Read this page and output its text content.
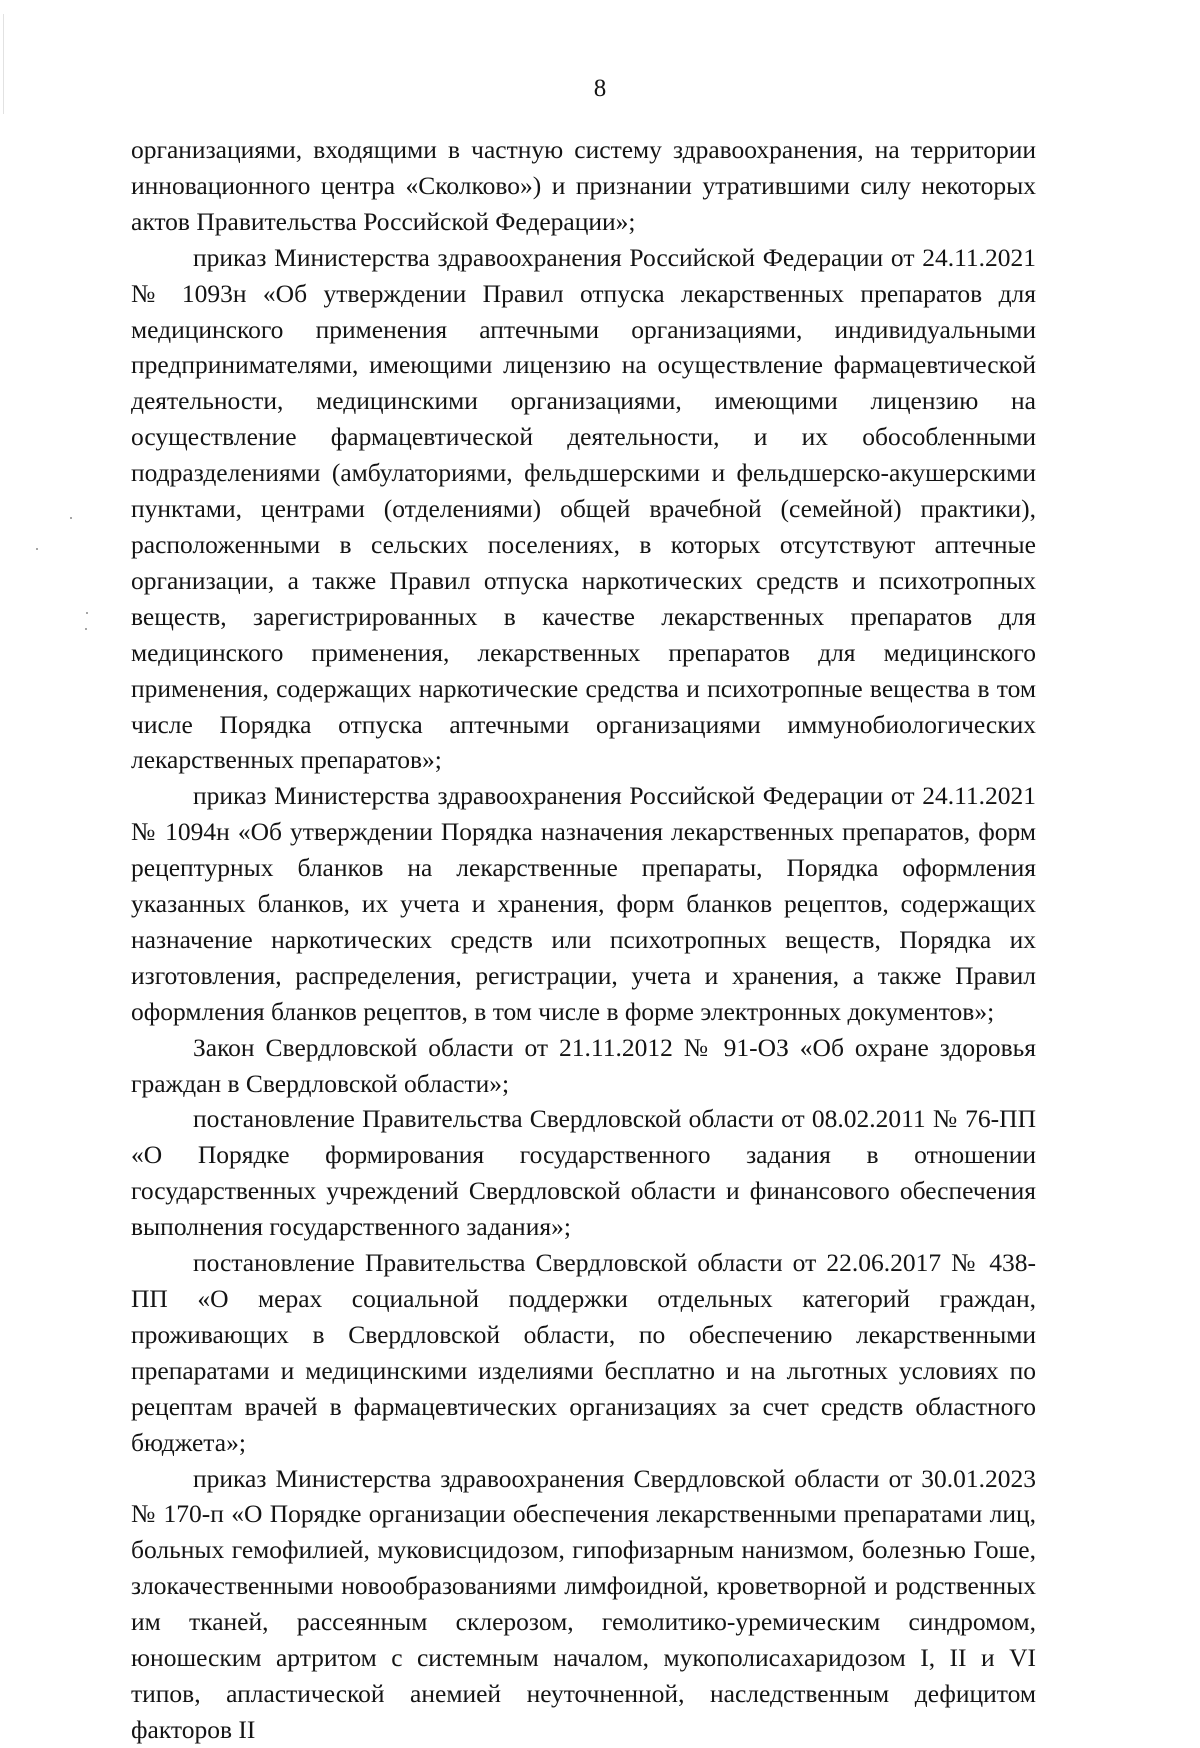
8

организациями, входящими в частную систему здравоохранения, на территории инновационного центра «Сколково») и признании утратившими силу некоторых актов Правительства Российской Федерации»;

приказ Министерства здравоохранения Российской Федерации от 24.11.2021 № 1093н «Об утверждении Правил отпуска лекарственных препаратов для медицинского применения аптечными организациями, индивидуальными предпринимателями, имеющими лицензию на осуществление фармацевтической деятельности, медицинскими организациями, имеющими лицензию на осуществление фармацевтической деятельности, и их обособленными подразделениями (амбулаториями, фельдшерскими и фельдшерско-акушерскими пунктами, центрами (отделениями) общей врачебной (семейной) практики), расположенными в сельских поселениях, в которых отсутствуют аптечные организации, а также Правил отпуска наркотических средств и психотропных веществ, зарегистрированных в качестве лекарственных препаратов для медицинского применения, лекарственных препаратов для медицинского применения, содержащих наркотические средства и психотропные вещества в том числе Порядка отпуска аптечными организациями иммунобиологических лекарственных препаратов»;

приказ Министерства здравоохранения Российской Федерации от 24.11.2021 № 1094н «Об утверждении Порядка назначения лекарственных препаратов, форм рецептурных бланков на лекарственные препараты, Порядка оформления указанных бланков, их учета и хранения, форм бланков рецептов, содержащих назначение наркотических средств или психотропных веществ, Порядка их изготовления, распределения, регистрации, учета и хранения, а также Правил оформления бланков рецептов, в том числе в форме электронных документов»;

Закон Свердловской области от 21.11.2012 № 91-ОЗ «Об охране здоровья граждан в Свердловской области»;

постановление Правительства Свердловской области от 08.02.2011 № 76-ПП «О Порядке формирования государственного задания в отношении государственных учреждений Свердловской области и финансового обеспечения выполнения государственного задания»;

постановление Правительства Свердловской области от 22.06.2017 № 438-ПП «О мерах социальной поддержки отдельных категорий граждан, проживающих в Свердловской области, по обеспечению лекарственными препаратами и медицинскими изделиями бесплатно и на льготных условиях по рецептам врачей в фармацевтических организациях за счет средств областного бюджета»;

приказ Министерства здравоохранения Свердловской области от 30.01.2023 № 170-п «О Порядке организации обеспечения лекарственными препаратами лиц, больных гемофилией, муковисцидозом, гипофизарным нанизмом, болезнью Гоше, злокачественными новообразованиями лимфоидной, кроветворной и родственных им тканей, рассеянным склерозом, гемолитико-уремическим синдромом, юношеским артритом с системным началом, мукополисахаридозом I, II и VI типов, апластической анемией неуточненной, наследственным дефицитом факторов II
